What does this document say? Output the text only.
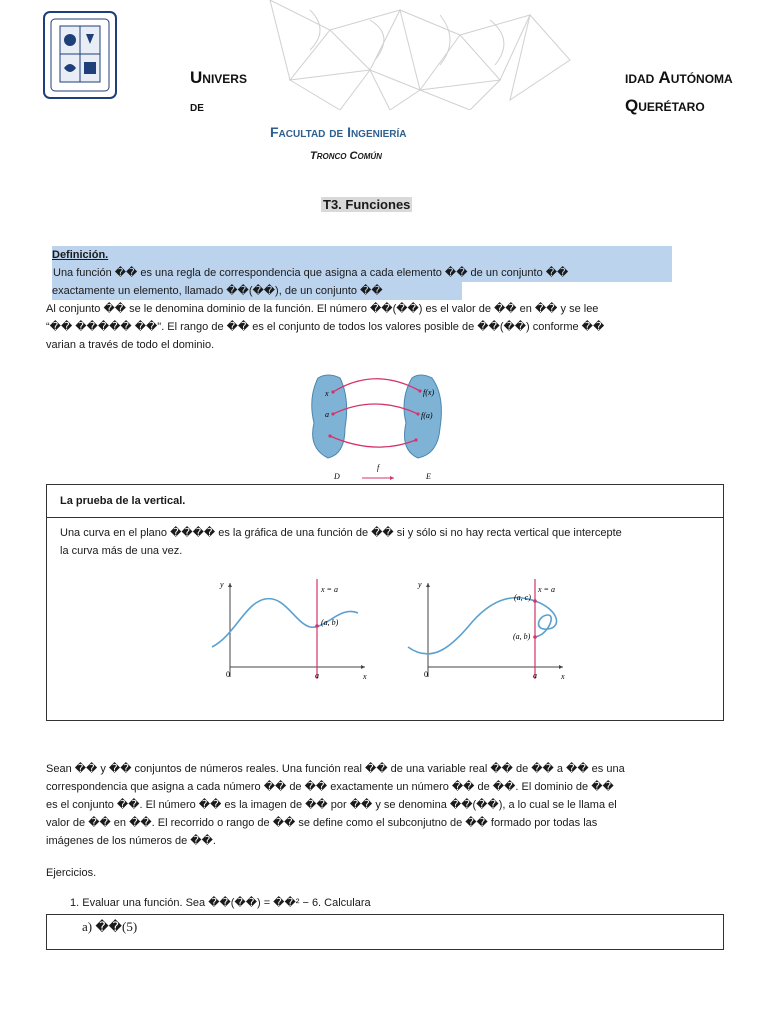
Univers
de
idad Autónoma
Querétaro
Facultad de Ingeniería
Tronco Común
T3. Funciones
Definición.
Una función �� es una regla de correspondencia que asigna a cada elemento �� de un conjunto ��
exactamente un elemento, llamado ��(��), de un conjunto ��
Al conjunto �� se le denomina dominio de la función. El número ��(��) es el valor de �� en �� y se lee
“�� ����� ��". El rango de �� es el conjunto de todos los valores posible de ��(��) conforme ��
varian a través de todo el dominio.
x
a
f(x)
f(a)
D
f
E
La prueba de la vertical.
Una curva en el plano ���� es la gráfica de una función de �� si y sólo si no hay recta vertical que intercepte
la curva más de una vez.
y
x
0	a
x = a
(a, b)
y
x
0	a
x = a
(a, c)
(a, b)
Sean �� y �� conjuntos de números reales. Una función real �� de una variable real �� de �� a �� es una
correspondencia que asigna a cada número �� de �� exactamente un número �� de ��. El dominio de ��
es el conjunto ��. El número �� es la imagen de �� por �� y se denomina ��(��), a lo cual se le llama el
valor de �� en ��. El recorrido o rango de �� se define como el subconjutno de �� formado por todas las
imágenes de los números de ��.
Ejercicios.
1. Evaluar una función. Sea ��(��) = ��² − 6. Calculara
a) ��(5)
